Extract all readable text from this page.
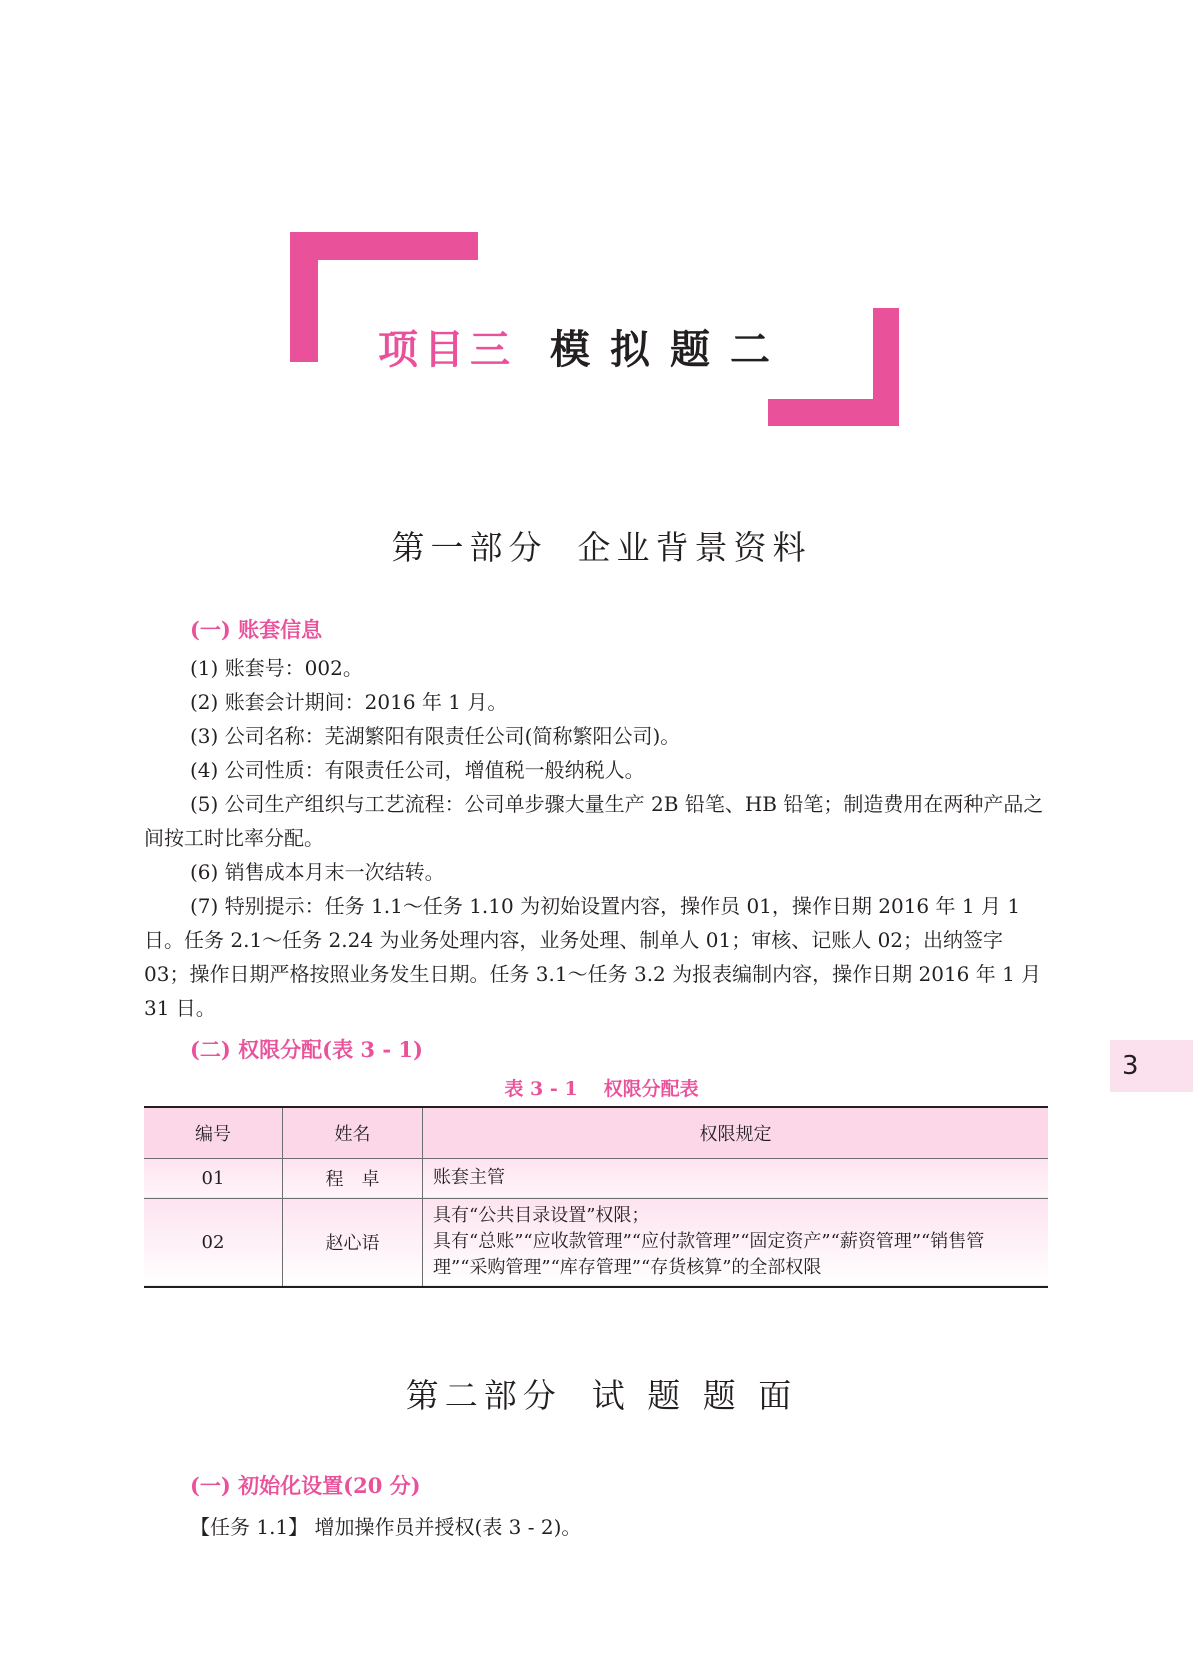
项目三 模拟题二
第一部分 企业背景资料
(一) 账套信息
(1) 账套号：002。
(2) 账套会计期间：2016 年 1 月。
(3) 公司名称：芜湖繁阳有限责任公司(简称繁阳公司)。
(4) 公司性质：有限责任公司，增值税一般纳税人。
(5) 公司生产组织与工艺流程：公司单步骤大量生产 2B 铅笔、HB 铅笔；制造费用在两种产品之间按工时比率分配。
(6) 销售成本月末一次结转。
(7) 特别提示：任务 1.1～任务 1.10 为初始设置内容，操作员 01，操作日期 2016 年 1 月 1 日。任务 2.1～任务 2.24 为业务处理内容，业务处理、制单人 01；审核、记账人 02；出纳签字 03；操作日期严格按照业务发生日期。任务 3.1～任务 3.2 为报表编制内容，操作日期 2016 年 1 月 31 日。
(二) 权限分配(表 3 - 1)
表 3 - 1 权限分配表
编号	姓名	权限规定
01	程　卓	账套主管
02	赵心语	具有“公共目录设置”权限；
具有“总账”“应收款管理”“应付款管理”“固定资产”“薪资管理”“销售管理”“采购管理”“库存管理”“存货核算”的全部权限
第二部分 试 题 题 面
(一) 初始化设置(20 分)
【任务 1.1】 增加操作员并授权(表 3 - 2)。
3
